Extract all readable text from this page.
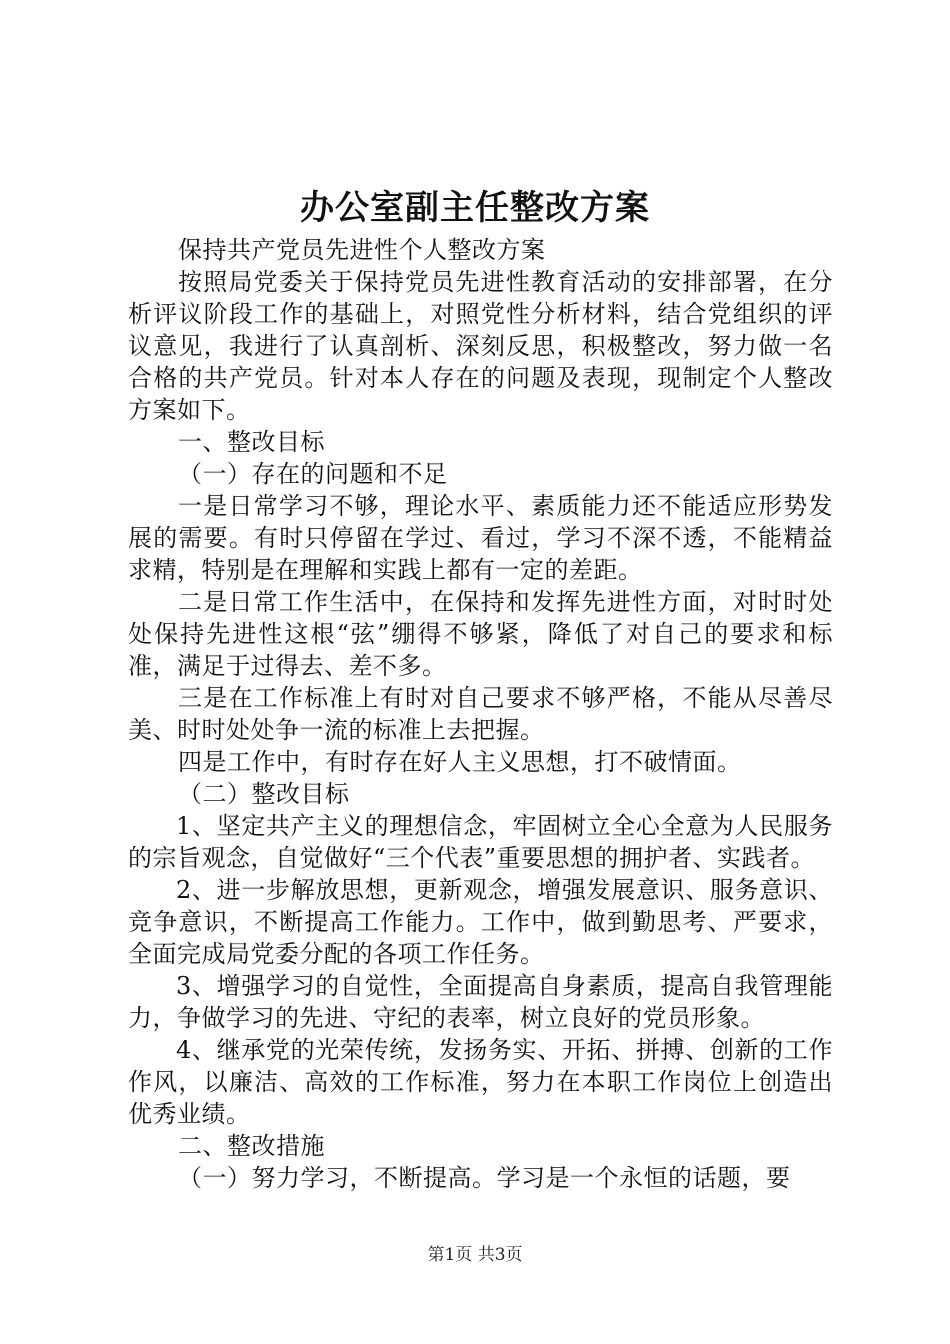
办公室副主任整改方案

保持共产党员先进性个人整改方案

按照局党委关于保持党员先进性教育活动的安排部署，在分析评议阶段工作的基础上，对照党性分析材料，结合党组织的评议意见，我进行了认真剖析、深刻反思，积极整改，努力做一名合格的共产党员。针对本人存在的问题及表现，现制定个人整改方案如下。

一、整改目标

（一）存在的问题和不足

一是日常学习不够，理论水平、素质能力还不能适应形势发展的需要。有时只停留在学过、看过，学习不深不透，不能精益求精，特别是在理解和实践上都有一定的差距。

二是日常工作生活中，在保持和发挥先进性方面，对时时处处保持先进性这根“弦”绷得不够紧，降低了对自己的要求和标准，满足于过得去、差不多。

三是在工作标准上有时对自己要求不够严格，不能从尽善尽美、时时处处争一流的标准上去把握。

四是工作中，有时存在好人主义思想，打不破情面。

（二）整改目标

1、坚定共产主义的理想信念，牢固树立全心全意为人民服务的宗旨观念，自觉做好“三个代表”重要思想的拥护者、实践者。

2、进一步解放思想，更新观念，增强发展意识、服务意识、竞争意识，不断提高工作能力。工作中，做到勤思考、严要求，全面完成局党委分配的各项工作任务。

3、增强学习的自觉性，全面提高自身素质，提高自我管理能力，争做学习的先进、守纪的表率，树立良好的党员形象。

4、继承党的光荣传统，发扬务实、开拓、拼搏、创新的工作作风，以廉洁、高效的工作标准，努力在本职工作岗位上创造出优秀业绩。

二、整改措施

（一）努力学习，不断提高。学习是一个永恒的话题，要

第1页 共3页
